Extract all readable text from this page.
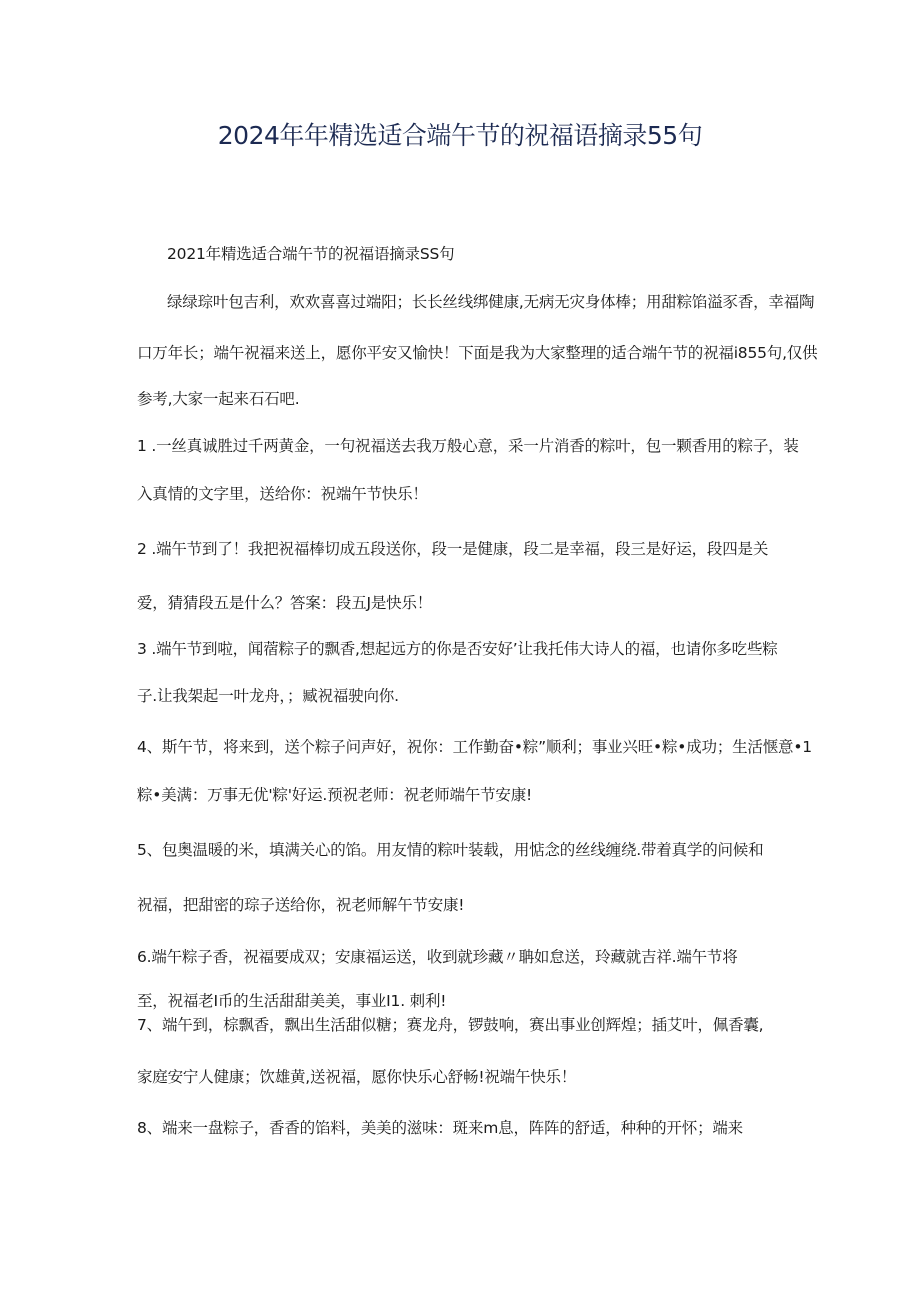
2024年年精选适合端午节的祝福语摘录55句
2021年精选适合端午节的祝福语摘录SS句
绿绿琮叶包吉利，欢欢喜喜过端阳；长长丝线绑健康,无病无灾身体棒；用甜粽馅溢豕香，幸福陶
口万年长；端午祝福来送上，愿你平安又愉快！下面是我为大家整理的适合端午节的祝福i855句,仅供
参考,大家一起来石石吧.
1 .一丝真诚胜过千两黄金，一句祝福送去我万般心意，采一片消香的粽叶，包一颗香用的粽子，装
入真情的文字里，送给你：祝端午节快乐！
2 .端午节到了！我把祝福棒切成五段送你，段一是健康，段二是幸福，段三是好运，段四是关
爱，猜猜段五是什么？答案：段五J是快乐！
3 .端午节到啦，闻蓿粽子的飘香,想起远方的你是否安好’让我托伟大诗人的福，也请你多吃些粽
子.让我架起一叶龙舟，；臧祝福驶向你.
4、斯午节，将来到，送个粽子问声好，祝你：工作勤奋•粽”顺利；事业兴旺•粽•成功；生活惬意•1
粽•美满：万事无优'粽'好运.预祝老师：祝老师端午节安康!
5、包奥温暖的米，填满关心的馅。用友情的粽叶装载，用惦念的丝线缠绕.带着真学的问候和
祝福，把甜密的琮子送给你，祝老师解午节安康!
6.端午粽子香，祝福要成双；安康福运送，收到就珍藏〃聃如怠送，玲藏就吉祥.端午节将
至，祝福老I币的生活甜甜美美，事业I1. 刺利!
7、端午到，棕飘香，飘出生活甜似糖；赛龙舟，锣鼓响，赛出事业创辉煌；插艾叶，佩香囊,
家庭安宁人健康；饮雄黄,送祝福，愿你快乐心舒畅!祝端午快乐！
8、端来一盘粽子，香香的馅料，美美的滋味：斑来m息，阵阵的舒适，种种的开怀；端来
